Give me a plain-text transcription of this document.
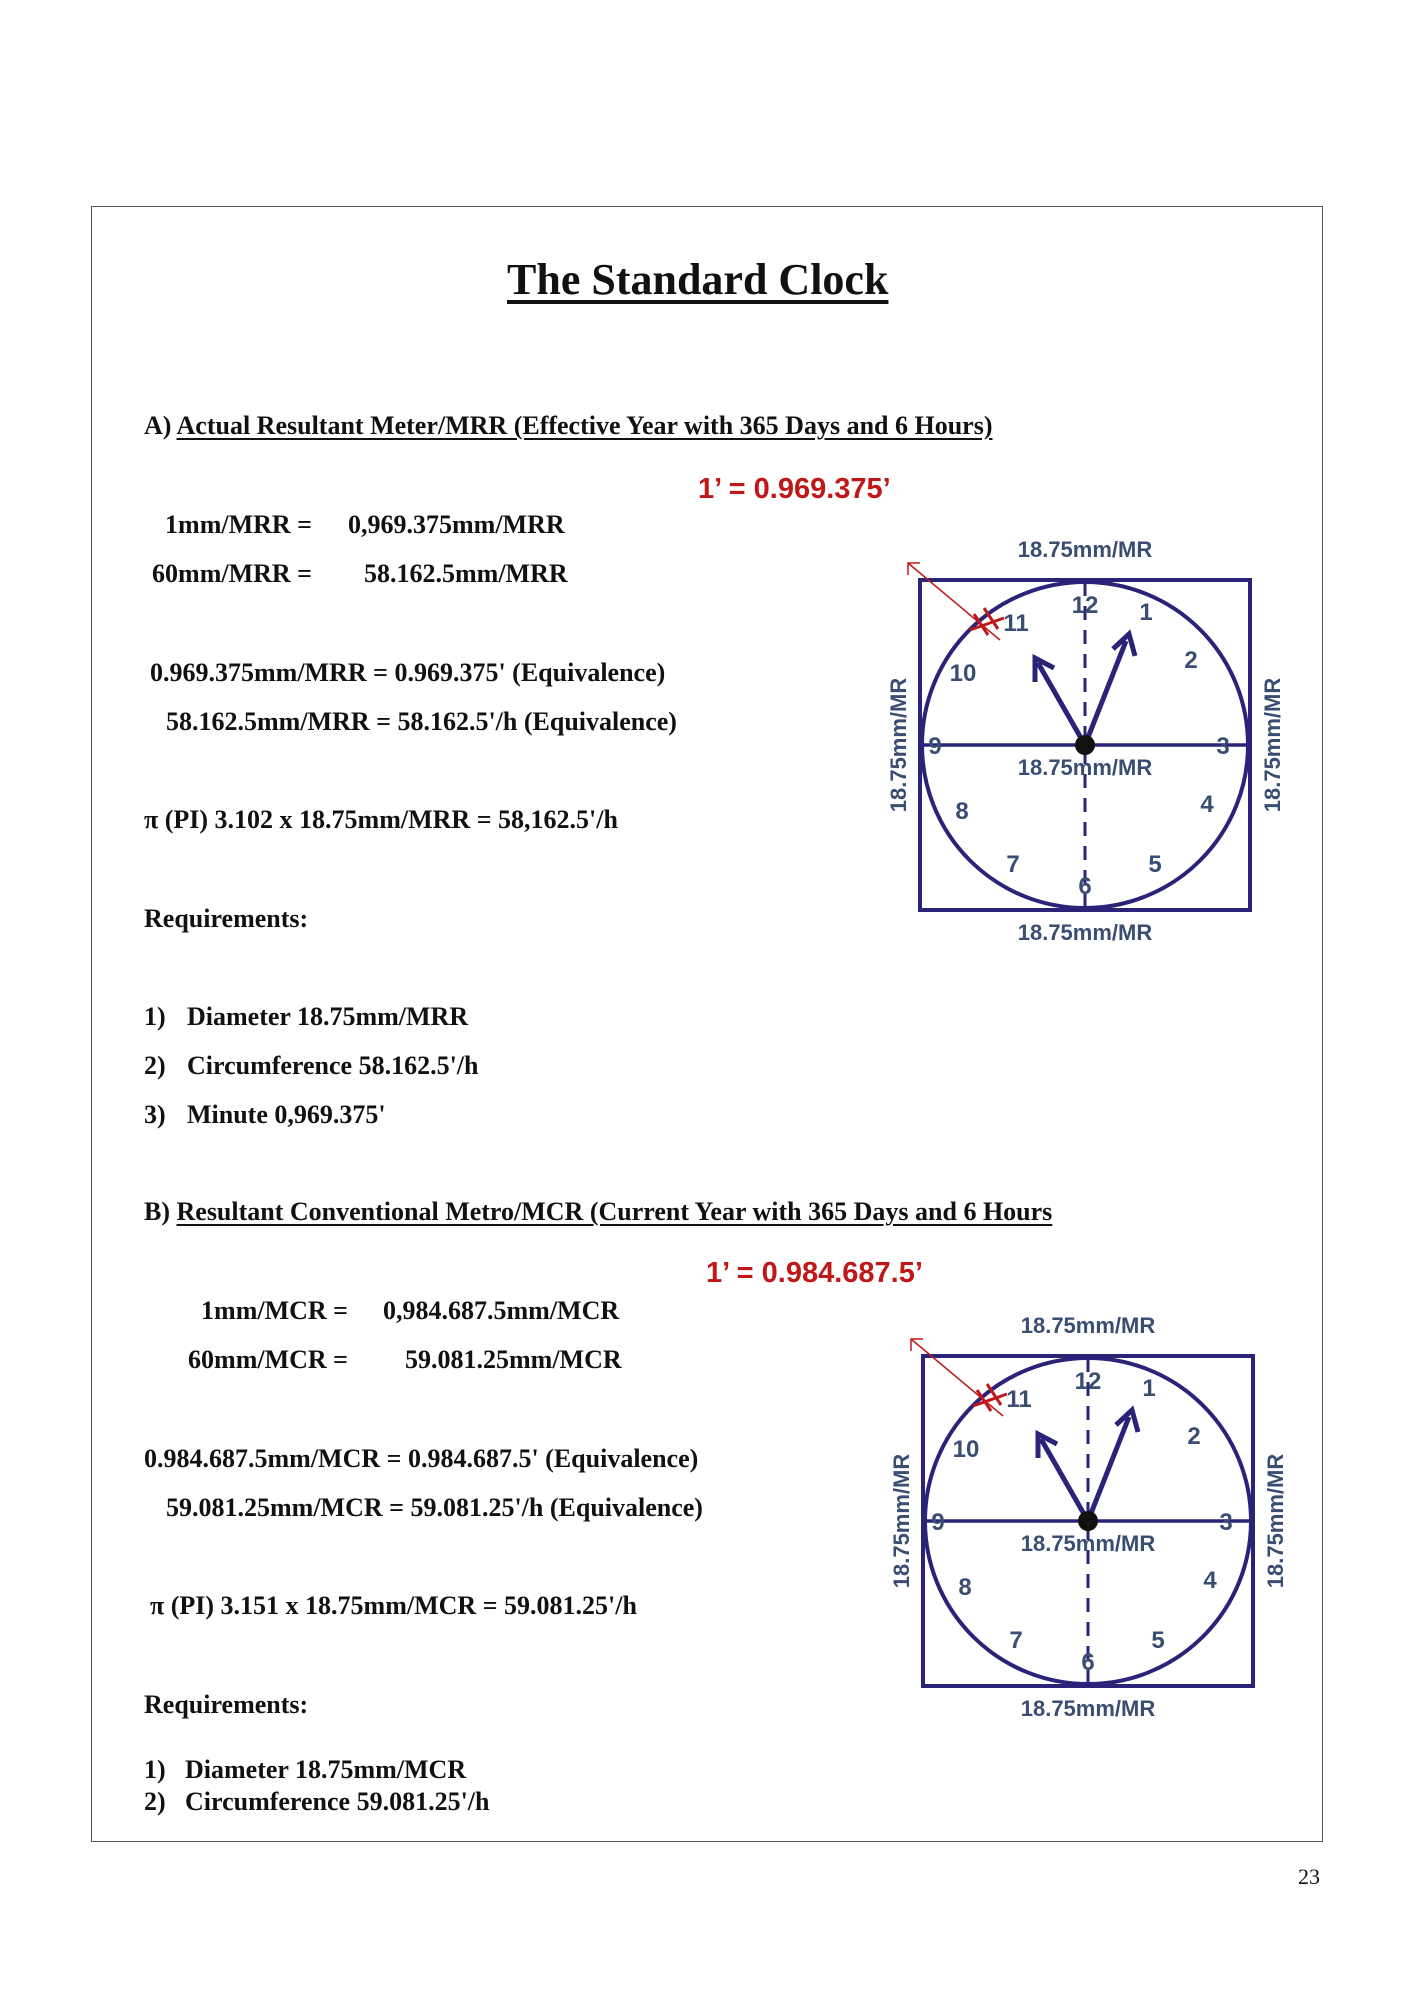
The Standard Clock
A) Actual Resultant Meter/MRR (Effective Year with 365 Days and 6 Hours)
1’ = 0.969.375’
1mm/MRR = 0,969.375mm/MRR
60mm/MRR = 58.162.5mm/MRR
0.969.375mm/MRR = 0.969.375' (Equivalence)
58.162.5mm/MRR = 58.162.5'/h (Equivalence)
π (PI) 3.102 x 18.75mm/MRR = 58,162.5'/h
Requirements:
1) Diameter 18.75mm/MRR
2) Circumference 58.162.5'/h
3) Minute 0,969.375'
12 1
2
3
4
5
6
7
8
9
10
11
18.75mm/MR
18.75mm/MR
18.75mm/MR
18.75mm/MR	18.75mm/MR
B) Resultant Conventional Metro/MCR (Current Year with 365 Days and 6 Hours
1’ = 0.984.687.5’
1mm/MCR = 0,984.687.5mm/MCR
60mm/MCR = 59.081.25mm/MCR
0.984.687.5mm/MCR = 0.984.687.5' (Equivalence)
59.081.25mm/MCR = 59.081.25'/h (Equivalence)
π (PI) 3.151 x 18.75mm/MCR = 59.081.25'/h
Requirements:
1) Diameter 18.75mm/MCR
2) Circumference 59.081.25'/h
12 1
2
3
4
5
6
7
8
9
10
11
18.75mm/MR
18.75mm/MR
18.75mm/MR
18.75mm/MR	18.75mm/MR
23
